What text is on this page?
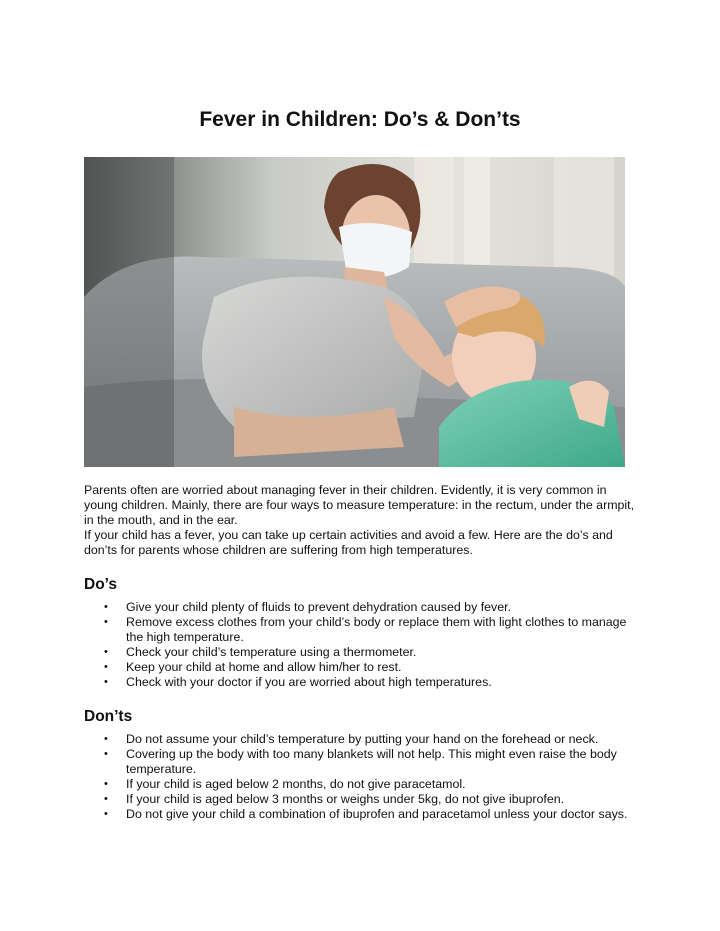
Fever in Children: Do’s & Don’ts

Parents often are worried about managing fever in their children. Evidently, it is very common in young children. Mainly, there are four ways to measure temperature: in the rectum, under the armpit, in the mouth, and in the ear.

If your child has a fever, you can take up certain activities and avoid a few. Here are the do’s and don’ts for parents whose children are suffering from high temperatures.

Do’s
• Give your child plenty of fluids to prevent dehydration caused by fever.
• Remove excess clothes from your child’s body or replace them with light clothes to manage the high temperature.
• Check your child’s temperature using a thermometer.
• Keep your child at home and allow him/her to rest.
• Check with your doctor if you are worried about high temperatures.
Don’ts
• Do not assume your child’s temperature by putting your hand on the forehead or neck.
• Covering up the body with too many blankets will not help. This might even raise the body temperature.
• If your child is aged below 2 months, do not give paracetamol.
• If your child is aged below 3 months or weighs under 5kg, do not give ibuprofen.
• Do not give your child a combination of ibuprofen and paracetamol unless your doctor says.
